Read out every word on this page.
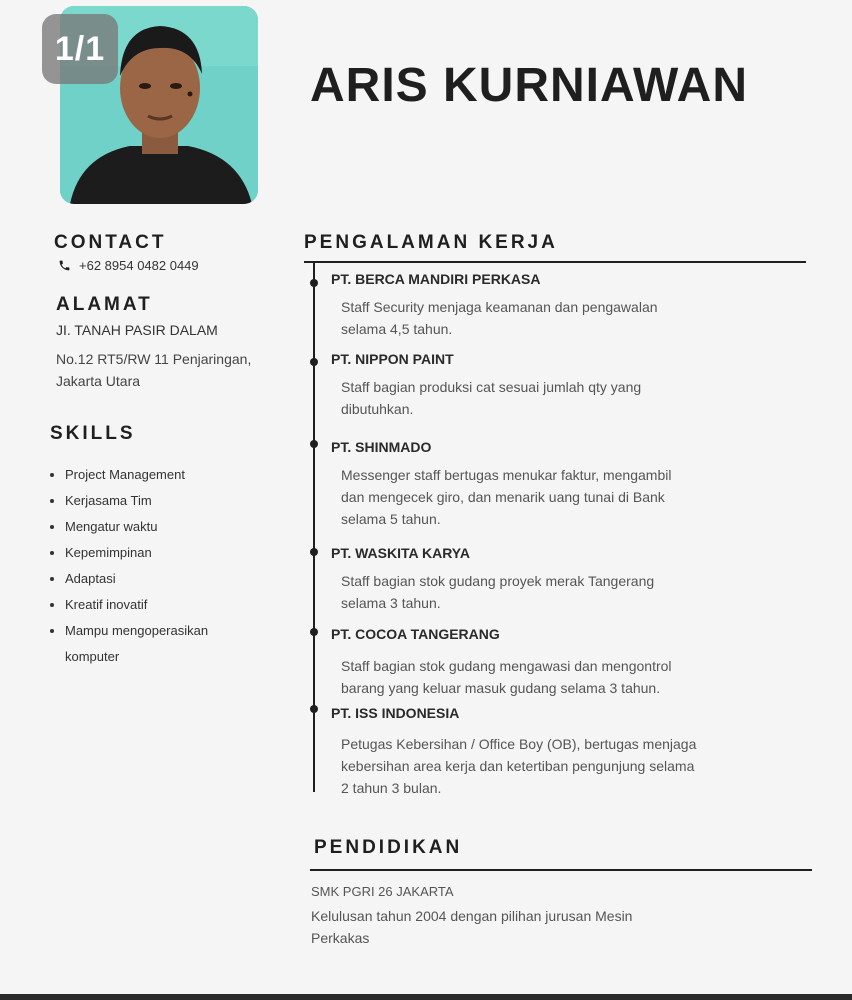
1/1
ARIS KURNIAWAN
CONTACT
+62 8954 0482 0449
ALAMAT
JI. TANAH PASIR DALAM
No.12 RT5/RW 11 Penjaringan,
Jakarta Utara
SKILLS
Project Management
Kerjasama Tim
Mengatur waktu
Kepemimpinan
Adaptasi
Kreatif inovatif
Mampu mengoperasikan komputer
PENGALAMAN KERJA
PT. BERCA MANDIRI PERKASA
Staff Security menjaga keamanan dan pengawalan
selama 4,5 tahun.
PT. NIPPON PAINT
Staff bagian produksi cat sesuai jumlah qty yang
dibutuhkan.
PT. SHINMADO
Messenger staff bertugas menukar faktur, mengambil
dan mengecek giro, dan menarik uang tunai di Bank
selama 5 tahun.
PT. WASKITA KARYA
Staff bagian stok gudang proyek merak Tangerang
selama 3 tahun.
PT. COCOA TANGERANG
Staff bagian stok gudang mengawasi dan mengontrol
barang yang keluar masuk gudang selama 3 tahun.
PT. ISS INDONESIA
Petugas Kebersihan / Office Boy (OB), bertugas menjaga
kebersihan area kerja dan ketertiban pengunjung selama
2 tahun 3 bulan.
PENDIDIKAN
SMK PGRI 26 JAKARTA
Kelulusan tahun 2004 dengan pilihan jurusan Mesin
Perkakas
